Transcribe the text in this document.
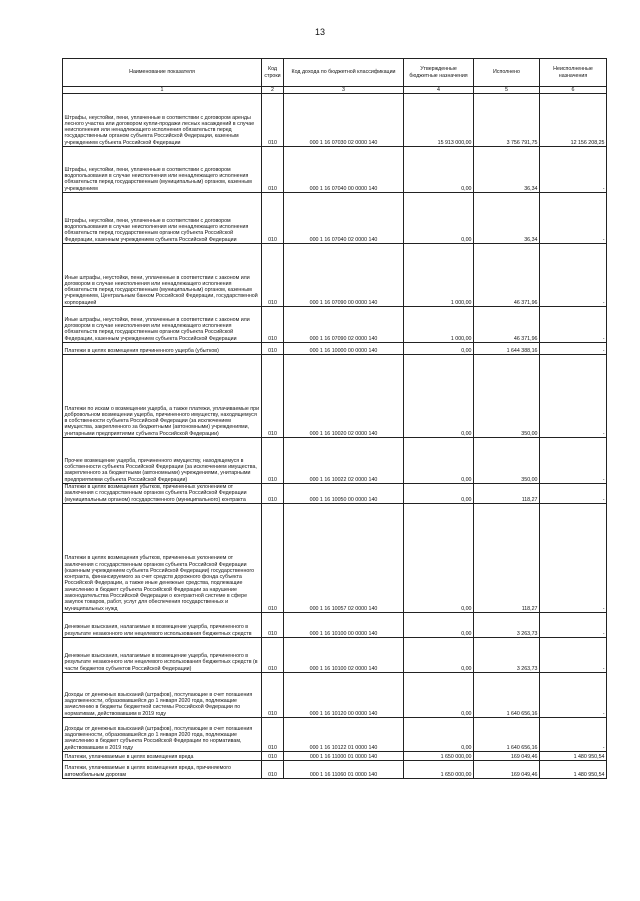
13
Наименование показателя	Код строки	Код дохода по бюджетной классификации	Утвержденные бюджетные назначения	Исполнено	Неисполненные назначения
1	2	3	4	5	6
Штрафы, неустойки, пени, уплаченные в соответствии с договором аренды лесного участка или договором купли-продажи лесных насаждений в случае неисполнения или ненадлежащего исполнения обязательств перед государственным органом субъекта Российской Федерации, казенным учреждением субъекта Российской Федерации	010	000 1 16 07030 02 0000 140	15 913 000,00	3 756 791,75	12 156 208,25
Штрафы, неустойки, пени, уплаченные в соответствии с договором водопользования в случае неисполнения или ненадлежащего исполнения обязательств перед государственным (муниципальным) органом, казенным учреждением	010	000 1 16 07040 00 0000 140	0,00	36,34	-
Штрафы, неустойки, пени, уплаченные в соответствии с договором водопользования в случае неисполнения или ненадлежащего исполнения обязательств перед государственным органом субъекта Российской Федерации, казенным учреждением субъекта Российской Федерации	010	000 1 16 07040 02 0000 140	0,00	36,34	-
Иные штрафы, неустойки, пени, уплаченные в соответствии с законом или договором в случае неисполнения или ненадлежащего исполнения обязательств перед государственным (муниципальным) органом, казенным учреждением, Центральным банком Российской Федерации, государственной корпорацией	010	000 1 16 07090 00 0000 140	1 000,00	46 371,96	-
Иные штрафы, неустойки, пени, уплаченные в соответствии с законом или договором в случае неисполнения или ненадлежащего исполнения обязательств перед государственным органом субъекта Российской Федерации, казенным учреждением субъекта Российской Федерации	010	000 1 16 07090 02 0000 140	1 000,00	46 371,96	-
Платежи в целях возмещения причиненного ущерба (убытков)	010	000 1 16 10000 00 0000 140	0,00	1 644 388,16	-
Платежи по искам о возмещении ущерба, а также платежи, уплачиваемые при добровольном возмещении ущерба, причиненного имуществу, находящемуся в собственности субъекта Российской Федерации (за исключением имущества, закрепленного за бюджетными (автономными) учреждениями, унитарными предприятиями субъекта Российской Федерации)	010	000 1 16 10020 02 0000 140	0,00	350,00	-
Прочее возмещение ущерба, причиненного имуществу, находящемуся в собственности субъекта Российской Федерации (за исключением имущества, закрепленного за бюджетными (автономными) учреждениями, унитарными предприятиями субъекта Российской Федерации)	010	000 1 16 10022 02 0000 140	0,00	350,00	-
Платежи в целях возмещения убытков, причиненных уклонением от заключения с государственным органом субъекта Российской Федерации (муниципальным органом) государственного (муниципального) контракта	010	000 1 16 10050 00 0000 140	0,00	118,27	-
Платежи в целях возмещения убытков, причиненных уклонением от заключения с государственным органом субъекта Российской Федерации (казенным учреждением субъекта Российской Федерации) государственного контракта, финансируемого за счет средств дорожного фонда субъекта Российской Федерации, а также иные денежные средства, подлежащие зачислению в бюджет субъекта Российской Федерации за нарушение законодательства Российской Федерации о контрактной системе в сфере закупок товаров, работ, услуг для обеспечения государственных и муниципальных нужд	010	000 1 16 10057 02 0000 140	0,00	118,27	-
Денежные взыскания, налагаемые в возмещение ущерба, причиненного в результате незаконного или нецелевого использования бюджетных средств	010	000 1 16 10100 00 0000 140	0,00	3 263,73	-
Денежные взыскания, налагаемые в возмещение ущерба, причиненного в результате незаконного или нецелевого использования бюджетных средств (в части бюджетов субъектов Российской Федерации)	010	000 1 16 10100 02 0000 140	0,00	3 263,73	-
Доходы от денежных взысканий (штрафов), поступающие в счет погашения задолженности, образовавшейся до 1 января 2020 года, подлежащие зачислению в бюджеты бюджетной системы Российской Федерации по нормативам, действовавшим в 2019 году	010	000 1 16 10120 00 0000 140	0,00	1 640 656,16	-
Доходы от денежных взысканий (штрафов), поступающие в счет погашения задолженности, образовавшейся до 1 января 2020 года, подлежащие зачислению в бюджет субъекта Российской Федерации по нормативам, действовавшим в 2019 году	010	000 1 16 10122 01 0000 140	0,00	1 640 656,16	-
Платежи, уплачиваемые в целях возмещения вреда	010	000 1 16 11000 01 0000 140	1 650 000,00	169 049,46	1 480 950,54
Платежи, уплачиваемые в целях возмещения вреда, причиняемого автомобильным дорогам	010	000 1 16 11060 01 0000 140	1 650 000,00	169 049,46	1 480 950,54
